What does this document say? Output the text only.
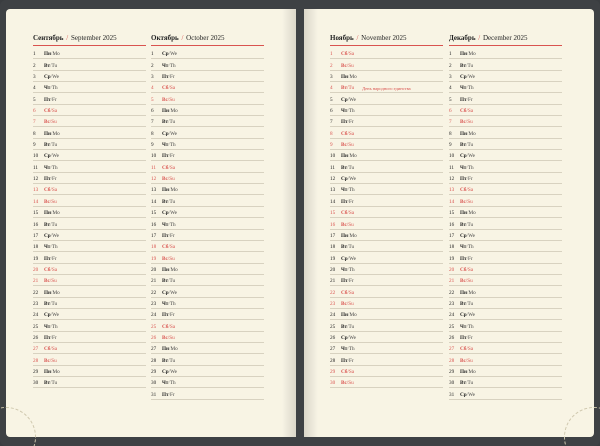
Сентябрь / September 2025
1	Пн / Mo
2	Вт / Tu
3	Ср / We
4	Чт / Th
5	Пт / Fr
6	Сб / Sa
7	Вс / Su
8	Пн / Mo
9	Вт / Tu
10	Ср / We
11	Чт / Th
12	Пт / Fr
13	Сб / Sa
14	Вс / Su
15	Пн / Mo
16	Вт / Tu
17	Ср / We
18	Чт / Th
19	Пт / Fr
20	Сб / Sa
21	Вс / Su
22	Пн / Mo
23	Вт / Tu
24	Ср / We
25	Чт / Th
26	Пт / Fr
27	Сб / Sa
28	Вс / Su
29	Пн / Mo
30	Вт / Tu
Октябрь / October 2025
1	Ср / We
2	Чт / Th
3	Пт / Fr
4	Сб / Sa
5	Вс / Su
6	Пн / Mo
7	Вт / Tu
8	Ср / We
9	Чт / Th
10	Пт / Fr
11	Сб / Sa
12	Вс / Su
13	Пн / Mo
14	Вт / Tu
15	Ср / We
16	Чт / Th
17	Пт / Fr
18	Сб / Sa
19	Вс / Su
20	Пн / Mo
21	Вт / Tu
22	Ср / We
23	Чт / Th
24	Пт / Fr
25	Сб / Sa
26	Вс / Su
27	Пн / Mo
28	Вт / Tu
29	Ср / We
30	Чт / Th
31	Пт / Fr
Ноябрь / November 2025
1	Сб / Sa
2	Вс / Su
3	Пн / Mo
4	Вт / Tu День народного единства
5	Ср / We
6	Чт / Th
7	Пт / Fr
8	Сб / Sa
9	Вс / Su
10	Пн / Mo
11	Вт / Tu
12	Ср / We
13	Чт / Th
14	Пт / Fr
15	Сб / Sa
16	Вс / Su
17	Пн / Mo
18	Вт / Tu
19	Ср / We
20	Чт / Th
21	Пт / Fr
22	Сб / Sa
23	Вс / Su
24	Пн / Mo
25	Вт / Tu
26	Ср / We
27	Чт / Th
28	Пт / Fr
29	Сб / Sa
30	Вс / Su
Декабрь / December 2025
1	Пн / Mo
2	Вт / Tu
3	Ср / We
4	Чт / Th
5	Пт / Fr
6	Сб / Sa
7	Вс / Su
8	Пн / Mo
9	Вт / Tu
10	Ср / We
11	Чт / Th
12	Пт / Fr
13	Сб / Sa
14	Вс / Su
15	Пн / Mo
16	Вт / Tu
17	Ср / We
18	Чт / Th
19	Пт / Fr
20	Сб / Sa
21	Вс / Su
22	Пн / Mo
23	Вт / Tu
24	Ср / We
25	Чт / Th
26	Пт / Fr
27	Сб / Sa
28	Вс / Su
29	Пн / Mo
30	Вт / Tu
31	Ср / We
